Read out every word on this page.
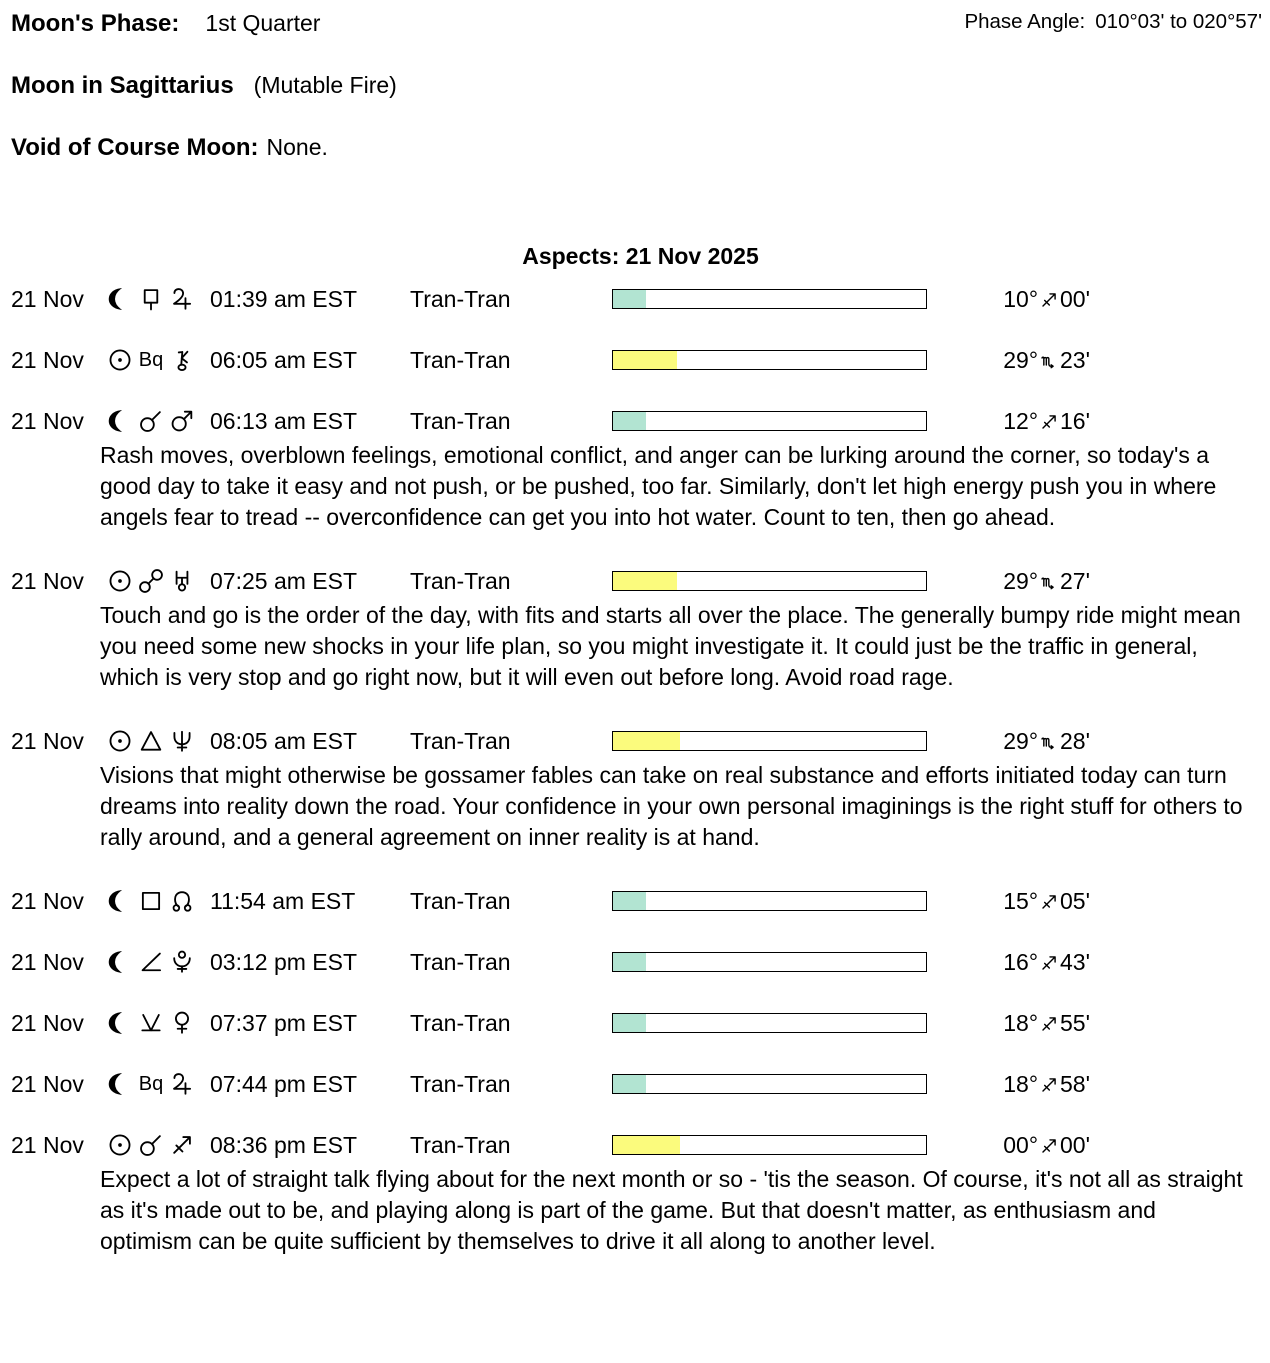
Moon's Phase: 1st Quarter	Phase Angle: 010°03' to 020°57'
Moon in Sagittarius (Mutable Fire)
Void of Course Moon: None.
Aspects: 21 Nov 2025
21 Nov	01:39 am EST	Tran-Tran	10° 00'
21 Nov	Bq 06:05 am EST	Tran-Tran	29° 23'
21 Nov	06:13 am EST	Tran-Tran	12° 16'
Rash moves, overblown feelings, emotional conflict, and anger can be lurking around the corner, so today's a good day to take it easy and not push, or be pushed, too far. Similarly, don't let high energy push you in where angels fear to tread -- overconfidence can get you into hot water. Count to ten, then go ahead.
21 Nov	07:25 am EST	Tran-Tran	29° 27'
Touch and go is the order of the day, with fits and starts all over the place. The generally bumpy ride might mean you need some new shocks in your life plan, so you might investigate it. It could just be the traffic in general, which is very stop and go right now, but it will even out before long. Avoid road rage.
21 Nov	08:05 am EST	Tran-Tran	29° 28'
Visions that might otherwise be gossamer fables can take on real substance and efforts initiated today can turn dreams into reality down the road. Your confidence in your own personal imaginings is the right stuff for others to rally around, and a general agreement on inner reality is at hand.
21 Nov	11:54 am EST	Tran-Tran	15° 05'
21 Nov	03:12 pm EST	Tran-Tran	16° 43'
21 Nov	07:37 pm EST	Tran-Tran	18° 55'
21 Nov	Bq 07:44 pm EST	Tran-Tran	18° 58'
21 Nov	08:36 pm EST	Tran-Tran	00° 00'
Expect a lot of straight talk flying about for the next month or so - 'tis the season. Of course, it's not all as straight as it's made out to be, and playing along is part of the game. But that doesn't matter, as enthusiasm and optimism can be quite sufficient by themselves to drive it all along to another level.
